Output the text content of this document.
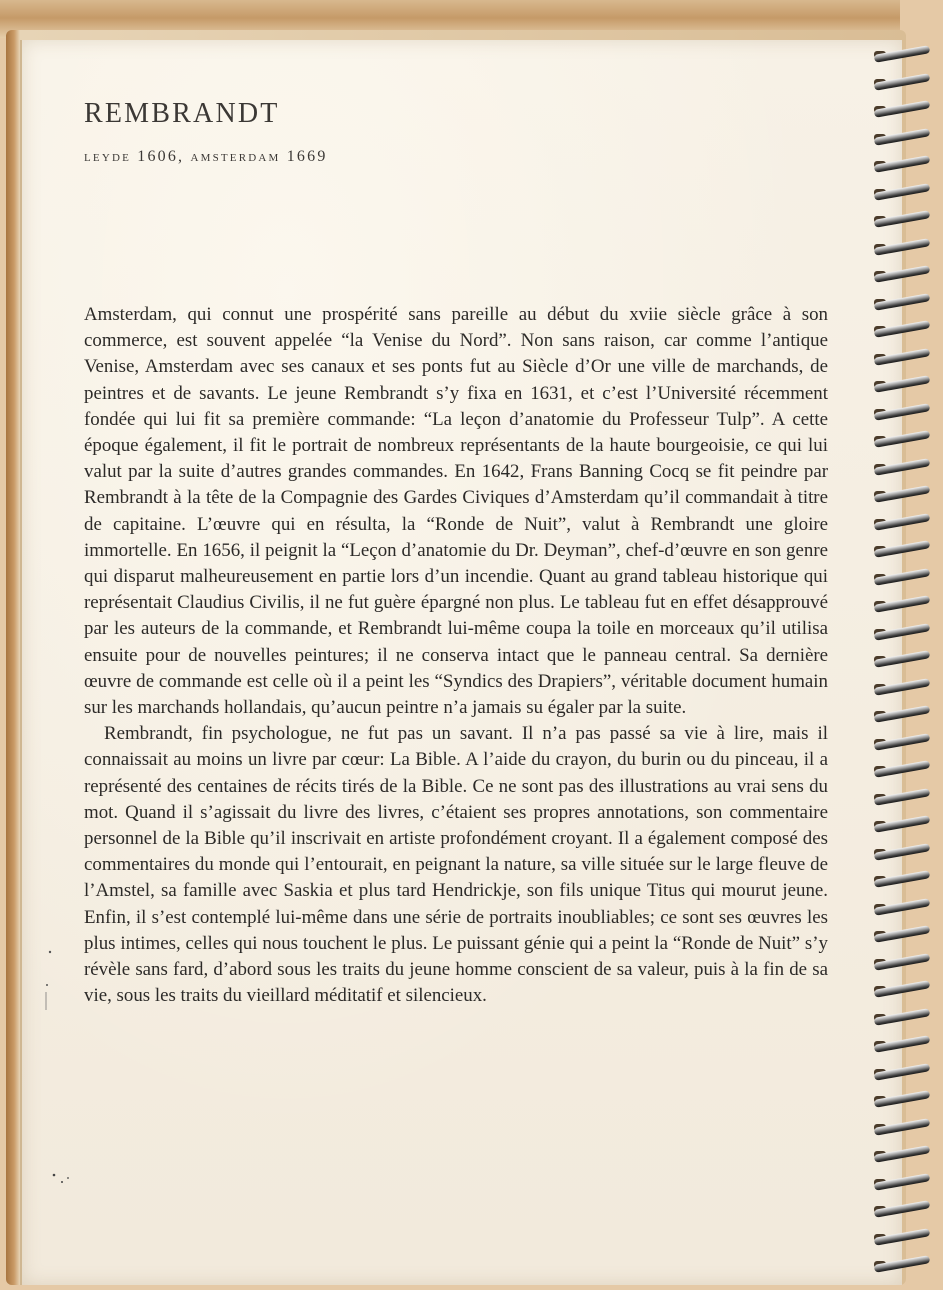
REMBRANDT
leyde 1606, amsterdam 1669

Amsterdam, qui connut une prospérité sans pareille au début du xviie siècle grâce à son commerce, est souvent appelée “la Venise du Nord”. Non sans raison, car comme l’antique Venise, Amsterdam avec ses canaux et ses ponts fut au Siècle d’Or une ville de marchands, de peintres et de savants. Le jeune Rembrandt s’y fixa en 1631, et c’est l’Université récemment fondée qui lui fit sa première commande: “La leçon d’anatomie du Professeur Tulp”. A cette époque également, il fit le portrait de nombreux représentants de la haute bourgeoisie, ce qui lui valut par la suite d’autres grandes commandes. En 1642, Frans Banning Cocq se fit peindre par Rembrandt à la tête de la Compagnie des Gardes Civiques d’Amsterdam qu’il commandait à titre de capitaine. L’œuvre qui en résulta, la “Ronde de Nuit”, valut à Rembrandt une gloire immortelle. En 1656, il peignit la “Leçon d’anatomie du Dr. Deyman”, chef-d’œuvre en son genre qui disparut malheureusement en partie lors d’un incendie. Quant au grand tableau historique qui représentait Claudius Civilis, il ne fut guère épargné non plus. Le tableau fut en effet désapprouvé par les auteurs de la commande, et Rembrandt lui-même coupa la toile en morceaux qu’il utilisa ensuite pour de nouvelles peintures; il ne conserva intact que le panneau central. Sa dernière œuvre de commande est celle où il a peint les “Syndics des Drapiers”, véritable document humain sur les marchands hollandais, qu’aucun peintre n’a jamais su égaler par la suite.

Rembrandt, fin psychologue, ne fut pas un savant. Il n’a pas passé sa vie à lire, mais il connaissait au moins un livre par cœur: La Bible. A l’aide du crayon, du burin ou du pinceau, il a représenté des centaines de récits tirés de la Bible. Ce ne sont pas des illustrations au vrai sens du mot. Quand il s’agissait du livre des livres, c’étaient ses propres annotations, son commentaire personnel de la Bible qu’il inscrivait en artiste profondément croyant. Il a également composé des commentaires du monde qui l’entourait, en peignant la nature, sa ville située sur le large fleuve de l’Amstel, sa famille avec Saskia et plus tard Hendrickje, son fils unique Titus qui mourut jeune. Enfin, il s’est contemplé lui-même dans une série de portraits inoubliables; ce sont ses œuvres les plus intimes, celles qui nous touchent le plus. Le puissant génie qui a peint la “Ronde de Nuit” s’y révèle sans fard, d’abord sous les traits du jeune homme conscient de sa valeur, puis à la fin de sa vie, sous les traits du vieillard méditatif et silencieux.
